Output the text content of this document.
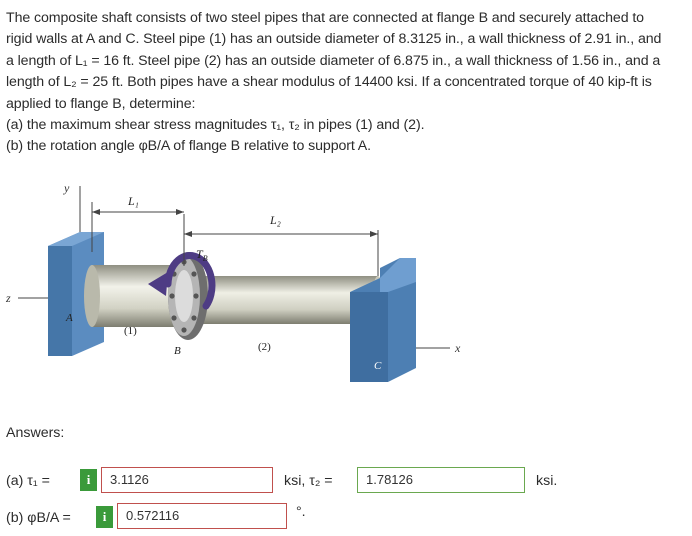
The composite shaft consists of two steel pipes that are connected at flange B and securely attached to

rigid walls at A and C. Steel pipe (1) has an outside diameter of 8.3125 in., a wall thickness of 2.91 in., and

a length of L₁ = 16 ft. Steel pipe (2) has an outside diameter of 6.875 in., a wall thickness of 1.56 in., and a

length of L₂ = 25 ft. Both pipes have a shear modulus of 14400 ksi. If a concentrated torque of 40 kip-ft is

applied to flange B, determine:

(a) the maximum shear stress magnitudes τ₁, τ₂ in pipes (1) and (2).

(b) the rotation angle φB/A of flange B relative to support A.

y
z
A
C
x
B
$T_B$
L₁
L₂
(1)
(2)
Answers:
(a) τ₁ =	i	3.1126	ksi, τ₂ =	1.78126	ksi.
(b) φB/A =	i	0.572116	°.
